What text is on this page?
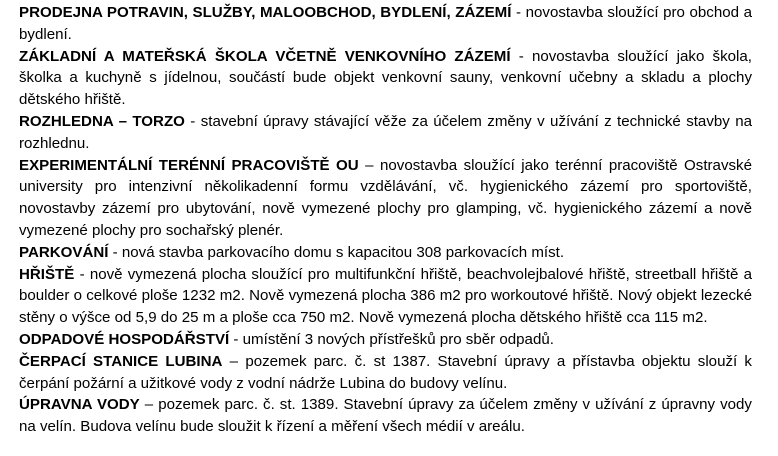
PRODEJNA POTRAVIN, SLUŽBY, MALOOBCHOD, BYDLENÍ, ZÁZEMÍ - novostavba sloužící pro obchod a bydlení.

ZÁKLADNÍ A MATEŘSKÁ ŠKOLA VČETNĚ VENKOVNÍHO ZÁZEMÍ - novostavba sloužící jako škola, školka a kuchyně s jídelnou, součástí bude objekt venkovní sauny, venkovní učebny a skladu a plochy dětského hřiště.

ROZHLEDNA – TORZO - stavební úpravy stávající věže za účelem změny v užívání z technické stavby na rozhlednu.

EXPERIMENTÁLNÍ TERÉNNÍ PRACOVIŠTĚ OU – novostavba sloužící jako terénní pracoviště Ostravské university pro intenzivní několikadenní formu vzdělávání, vč. hygienického zázemí pro sportoviště, novostavby zázemí pro ubytování, nově vymezené plochy pro glamping, vč. hygienického zázemí a nově vymezené plochy pro sochařský plenér.

PARKOVÁNÍ - nová stavba parkovacího domu s kapacitou 308 parkovacích míst.

HŘIŠTĚ - nově vymezená plocha sloužící pro multifunkční hřiště, beachvolejbalové hřiště, streetball hřiště a boulder o celkové ploše 1232 m2. Nově vymezená plocha 386 m2 pro workoutové hřiště. Nový objekt lezecké stěny o výšce od 5,9 do 25 m a ploše cca 750 m2. Nově vymezená plocha dětského hřiště cca 115 m2.

ODPADOVÉ HOSPODÁŘSTVÍ - umístění 3 nových přístřešků pro sběr odpadů.

ČERPACÍ STANICE LUBINA – pozemek parc. č. st 1387. Stavební úpravy a přístavba objektu slouží k čerpání požární a užitkové vody z vodní nádrže Lubina do budovy velínu.

ÚPRAVNA VODY – pozemek parc. č. st. 1389. Stavební úpravy za účelem změny v užívání z úpravny vody na velín. Budova velínu bude sloužit k řízení a měření všech médií v areálu.
